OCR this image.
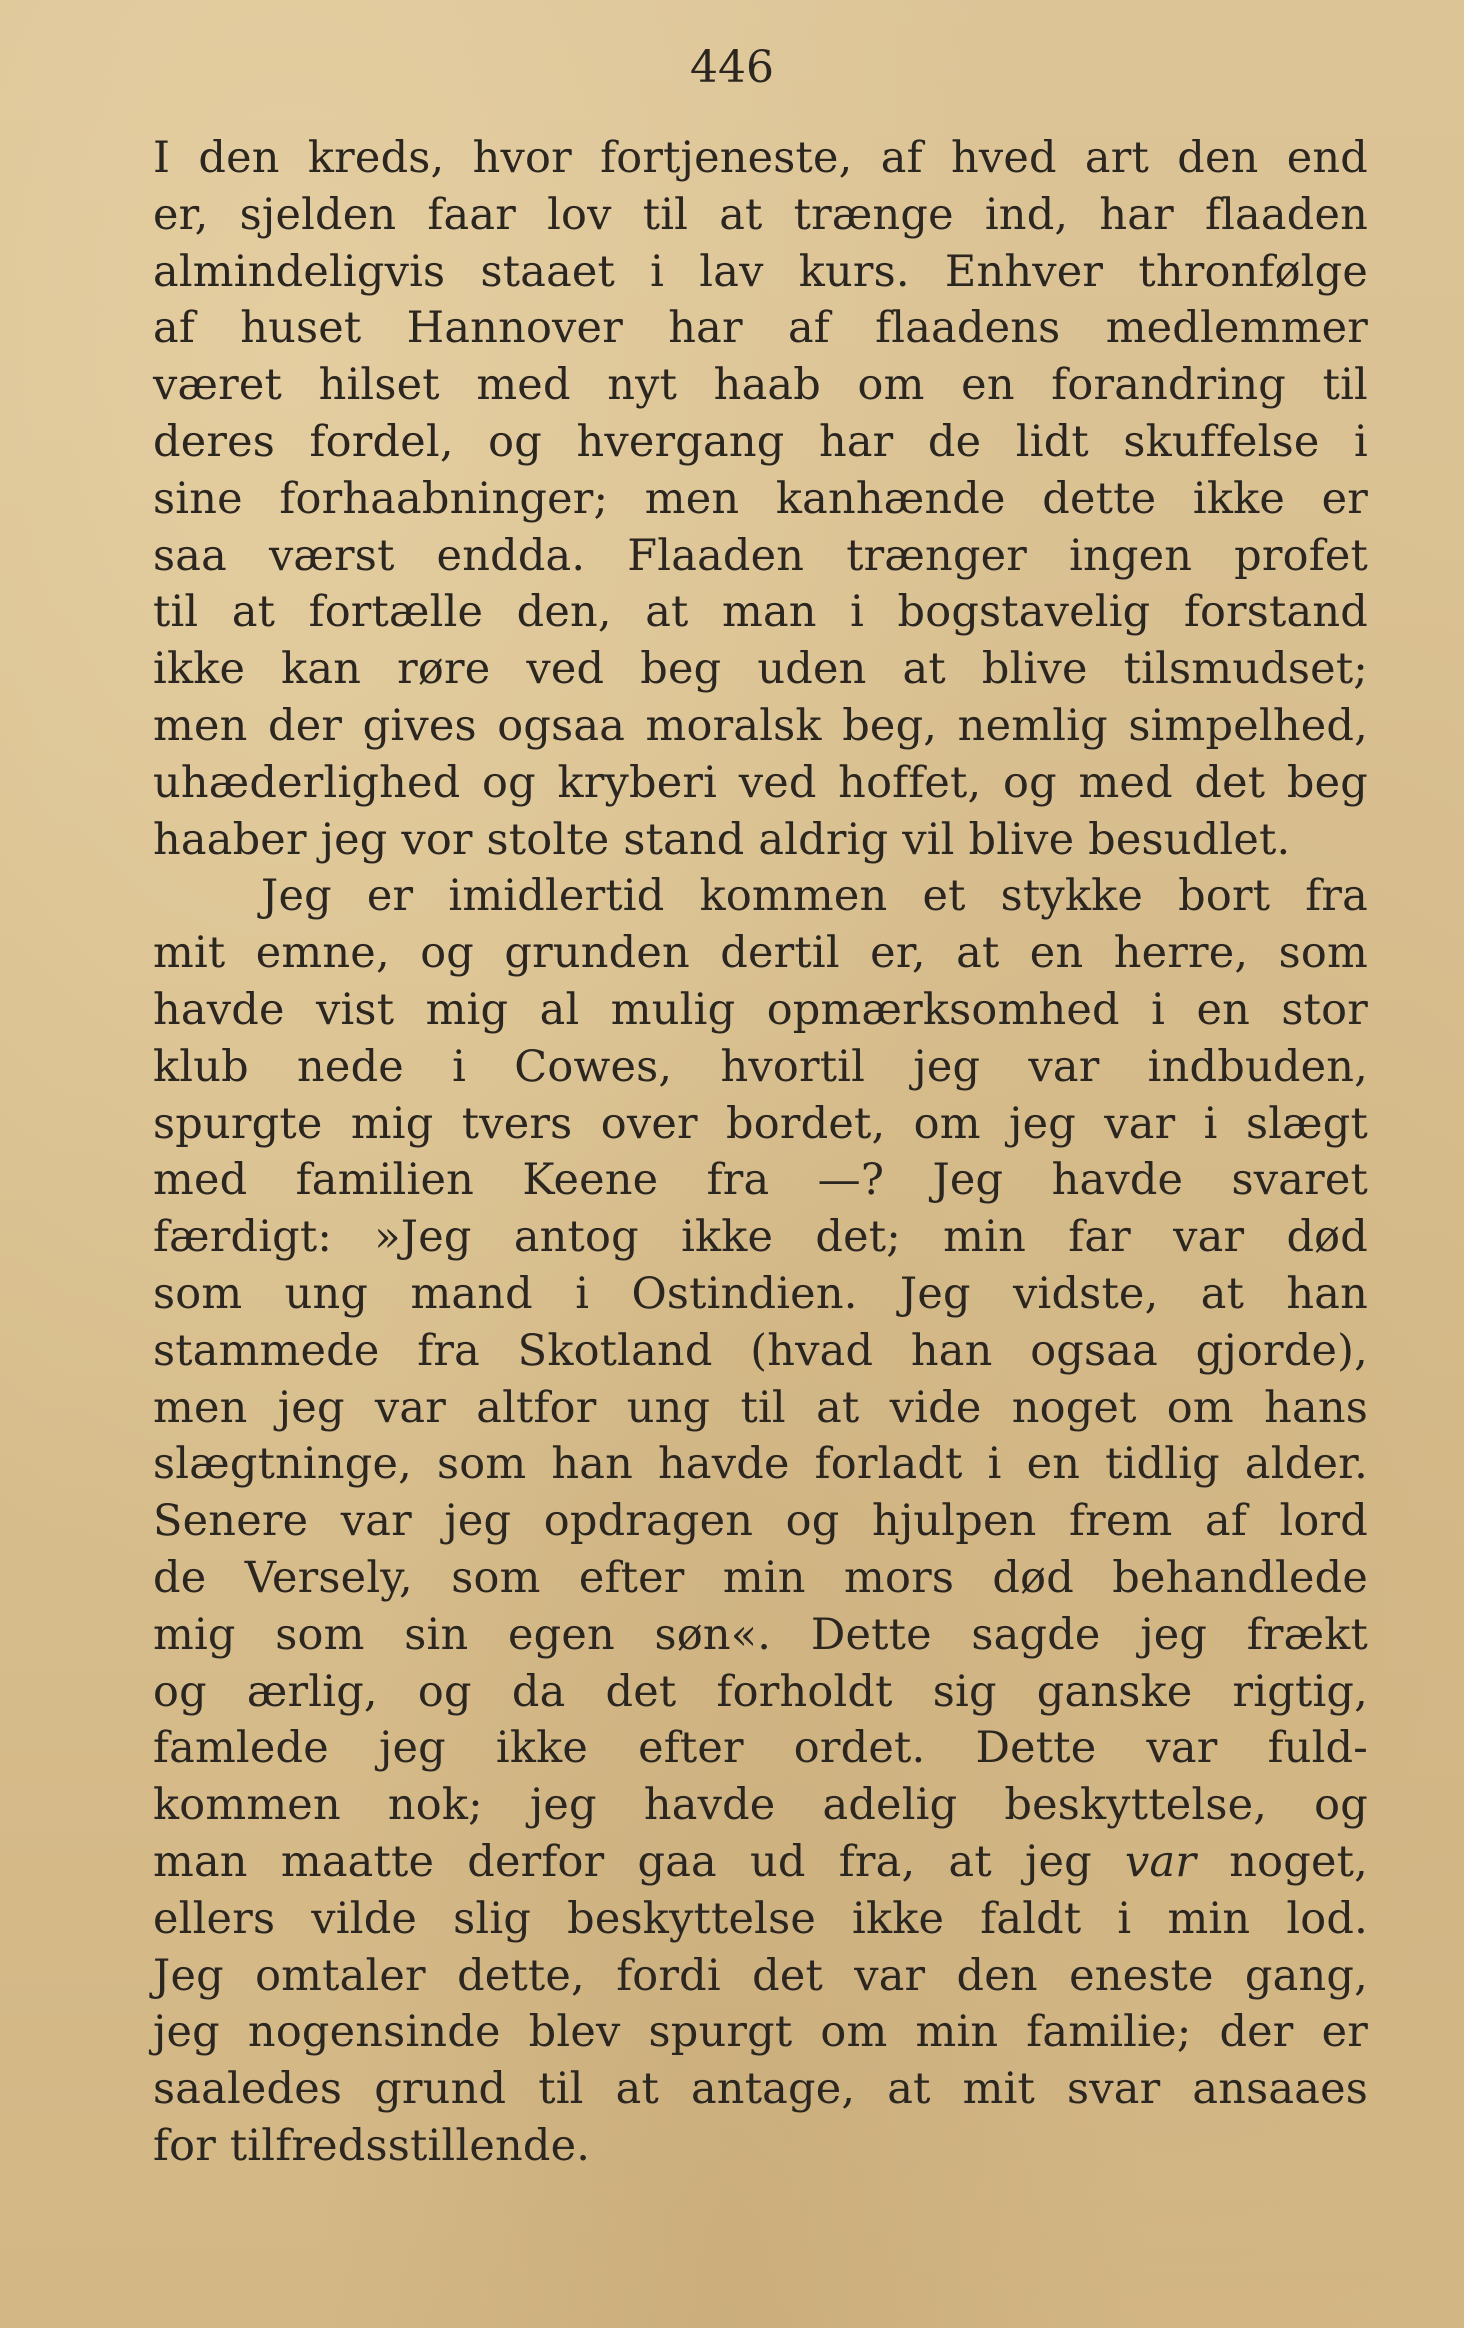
446
I den kreds, hvor fortjeneste, af hved art den end
er, sjelden faar lov til at trænge ind, har flaaden
almindeligvis staaet i lav kurs. Enhver thronfølge
af huset Hannover har af flaadens medlemmer
været hilset med nyt haab om en forandring til
deres fordel, og hvergang har de lidt skuffelse i
sine forhaabninger; men kanhænde dette ikke er
saa værst endda. Flaaden trænger ingen profet
til at fortælle den, at man i bogstavelig forstand
ikke kan røre ved beg uden at blive tilsmudset;
men der gives ogsaa moralsk beg, nemlig simpelhed,
uhæderlighed og kryberi ved hoffet, og med det beg
haaber jeg vor stolte stand aldrig vil blive besudlet.
Jeg er imidlertid kommen et stykke bort fra
mit emne, og grunden dertil er, at en herre, som
havde vist mig al mulig opmærksomhed i en stor
klub nede i Cowes, hvortil jeg var indbuden,
spurgte mig tvers over bordet, om jeg var i slægt
med familien Keene fra —? Jeg havde svaret
færdigt: »Jeg antog ikke det; min far var død
som ung mand i Ostindien. Jeg vidste, at han
stammede fra Skotland (hvad han ogsaa gjorde),
men jeg var altfor ung til at vide noget om hans
slægtninge, som han havde forladt i en tidlig alder.
Senere var jeg opdragen og hjulpen frem af lord
de Versely, som efter min mors død behandlede
mig som sin egen søn«. Dette sagde jeg frækt
og ærlig, og da det forholdt sig ganske rigtig,
famlede jeg ikke efter ordet. Dette var fuld-
kommen nok; jeg havde adelig beskyttelse, og
man maatte derfor gaa ud fra, at jeg var noget,
ellers vilde slig beskyttelse ikke faldt i min lod.
Jeg omtaler dette, fordi det var den eneste gang,
jeg nogensinde blev spurgt om min familie; der er
saaledes grund til at antage, at mit svar ansaaes
for tilfredsstillende.
